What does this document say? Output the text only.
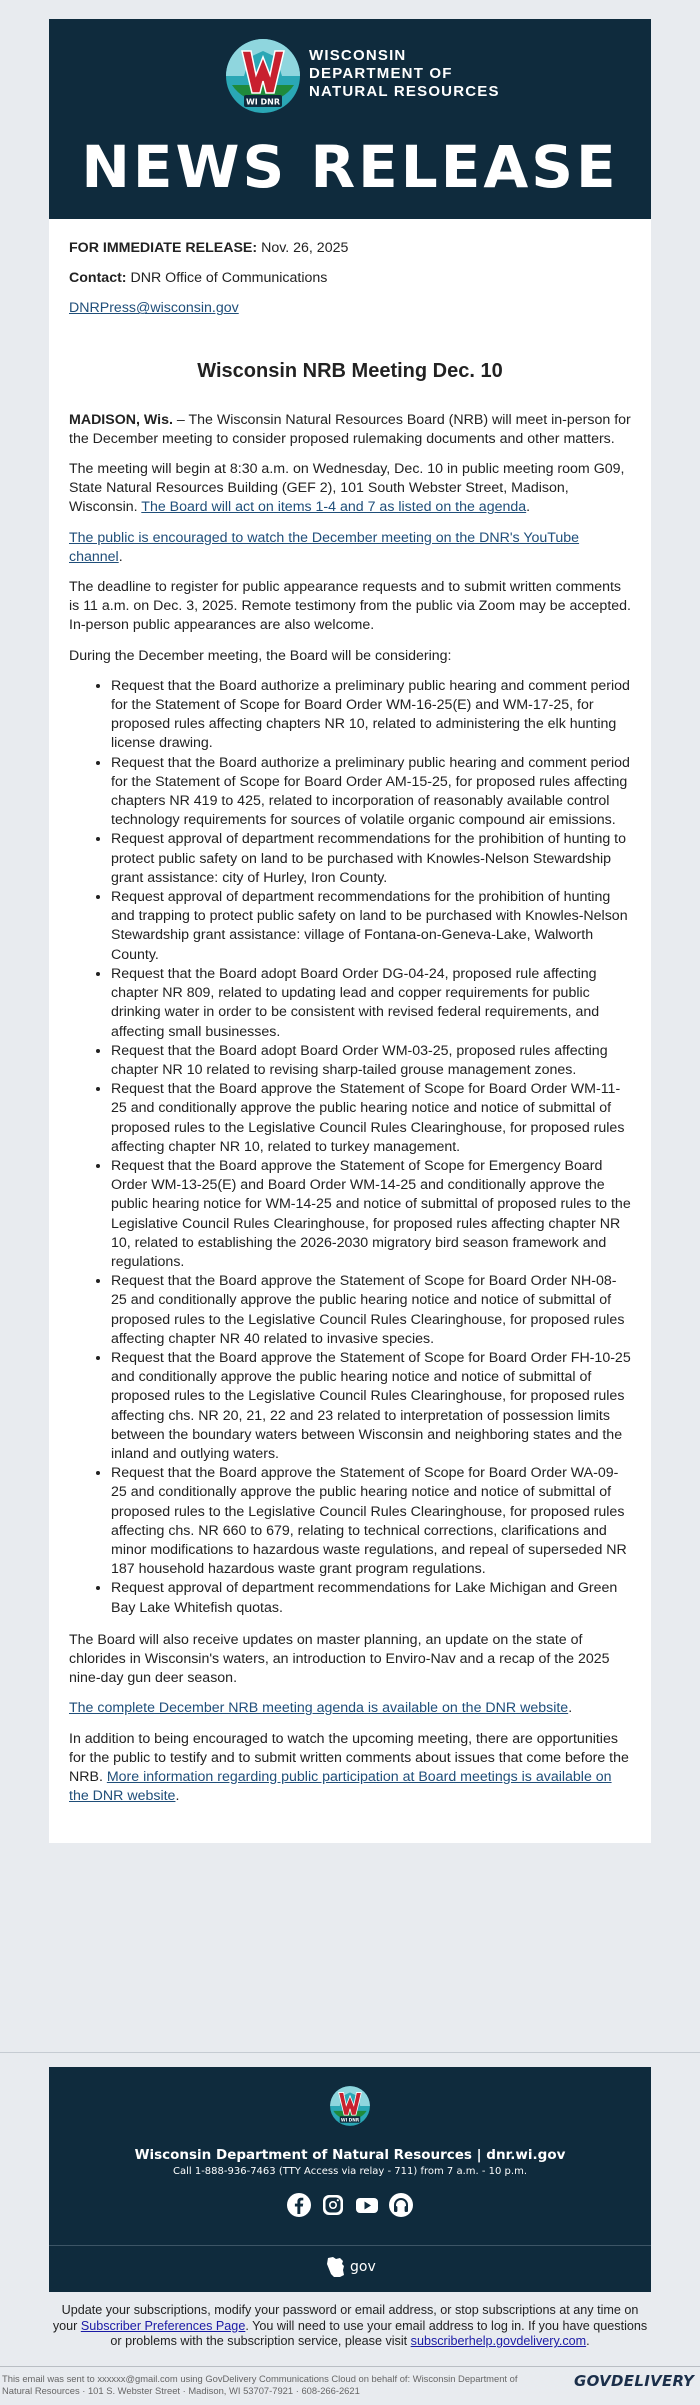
WI DNR
WISCONSIN
DEPARTMENT OF
NATURAL RESOURCES
NEWS RELEASE

FOR IMMEDIATE RELEASE: Nov. 26, 2025

Contact: DNR Office of Communications

DNRPress@wisconsin.gov

Wisconsin NRB Meeting Dec. 10

MADISON, Wis. – The Wisconsin Natural Resources Board (NRB) will meet in-person for the December meeting to consider proposed rulemaking documents and other matters.

The meeting will begin at 8:30 a.m. on Wednesday, Dec. 10 in public meeting room G09, State Natural Resources Building (GEF 2), 101 South Webster Street, Madison, Wisconsin. The Board will act on items 1-4 and 7 as listed on the agenda.

The public is encouraged to watch the December meeting on the DNR's YouTube channel.

The deadline to register for public appearance requests and to submit written comments is 11 a.m. on Dec. 3, 2025. Remote testimony from the public via Zoom may be accepted. In-person public appearances are also welcome.

During the December meeting, the Board will be considering:

• Request that the Board authorize a preliminary public hearing and comment period for the Statement of Scope for Board Order WM-16-25(E) and WM-17-25, for proposed rules affecting chapters NR 10, related to administering the elk hunting license drawing.
• Request that the Board authorize a preliminary public hearing and comment period for the Statement of Scope for Board Order AM-15-25, for proposed rules affecting chapters NR 419 to 425, related to incorporation of reasonably available control technology requirements for sources of volatile organic compound air emissions.
• Request approval of department recommendations for the prohibition of hunting to protect public safety on land to be purchased with Knowles-Nelson Stewardship grant assistance: city of Hurley, Iron County.
• Request approval of department recommendations for the prohibition of hunting and trapping to protect public safety on land to be purchased with Knowles-Nelson Stewardship grant assistance: village of Fontana-on-Geneva-Lake, Walworth County.
• Request that the Board adopt Board Order DG-04-24, proposed rule affecting chapter NR 809, related to updating lead and copper requirements for public drinking water in order to be consistent with revised federal requirements, and affecting small businesses.
• Request that the Board adopt Board Order WM-03-25, proposed rules affecting chapter NR 10 related to revising sharp-tailed grouse management zones.
• Request that the Board approve the Statement of Scope for Board Order WM-11-25 and conditionally approve the public hearing notice and notice of submittal of proposed rules to the Legislative Council Rules Clearinghouse, for proposed rules affecting chapter NR 10, related to turkey management.
• Request that the Board approve the Statement of Scope for Emergency Board Order WM-13-25(E) and Board Order WM-14-25 and conditionally approve the public hearing notice for WM-14-25 and notice of submittal of proposed rules to the Legislative Council Rules Clearinghouse, for proposed rules affecting chapter NR 10, related to establishing the 2026-2030 migratory bird season framework and regulations.
• Request that the Board approve the Statement of Scope for Board Order NH-08-25 and conditionally approve the public hearing notice and notice of submittal of proposed rules to the Legislative Council Rules Clearinghouse, for proposed rules affecting chapter NR 40 related to invasive species.
• Request that the Board approve the Statement of Scope for Board Order FH-10-25 and conditionally approve the public hearing notice and notice of submittal of proposed rules to the Legislative Council Rules Clearinghouse, for proposed rules affecting chs. NR 20, 21, 22 and 23 related to interpretation of possession limits between the boundary waters between Wisconsin and neighboring states and the inland and outlying waters.
• Request that the Board approve the Statement of Scope for Board Order WA-09-25 and conditionally approve the public hearing notice and notice of submittal of proposed rules to the Legislative Council Rules Clearinghouse, for proposed rules affecting chs. NR 660 to 679, relating to technical corrections, clarifications and minor modifications to hazardous waste regulations, and repeal of superseded NR 187 household hazardous waste grant program regulations.
• Request approval of department recommendations for Lake Michigan and Green Bay Lake Whitefish quotas.

The Board will also receive updates on master planning, an update on the state of chlorides in Wisconsin's waters, an introduction to Enviro-Nav and a recap of the 2025 nine-day gun deer season.

The complete December NRB meeting agenda is available on the DNR website.

In addition to being encouraged to watch the upcoming meeting, there are opportunities for the public to testify and to submit written comments about issues that come before the NRB. More information regarding public participation at Board meetings is available on the DNR website.

WI DNR
Wisconsin Department of Natural Resources | dnr.wi.gov
Call 1-888-936-7463 (TTY Access via relay - 711) from 7 a.m. - 10 p.m.
gov
Update your subscriptions, modify your password or email address, or stop subscriptions at any time on your Subscriber Preferences Page. You will need to use your email address to log in. If you have questions or problems with the subscription service, please visit subscriberhelp.govdelivery.com.
This email was sent to xxxxxx@gmail.com using GovDelivery Communications Cloud on behalf of: Wisconsin Department of Natural Resources · 101 S. Webster Street · Madison, WI 53707-7921 · 608-266-2621
GOVDELIVERY
